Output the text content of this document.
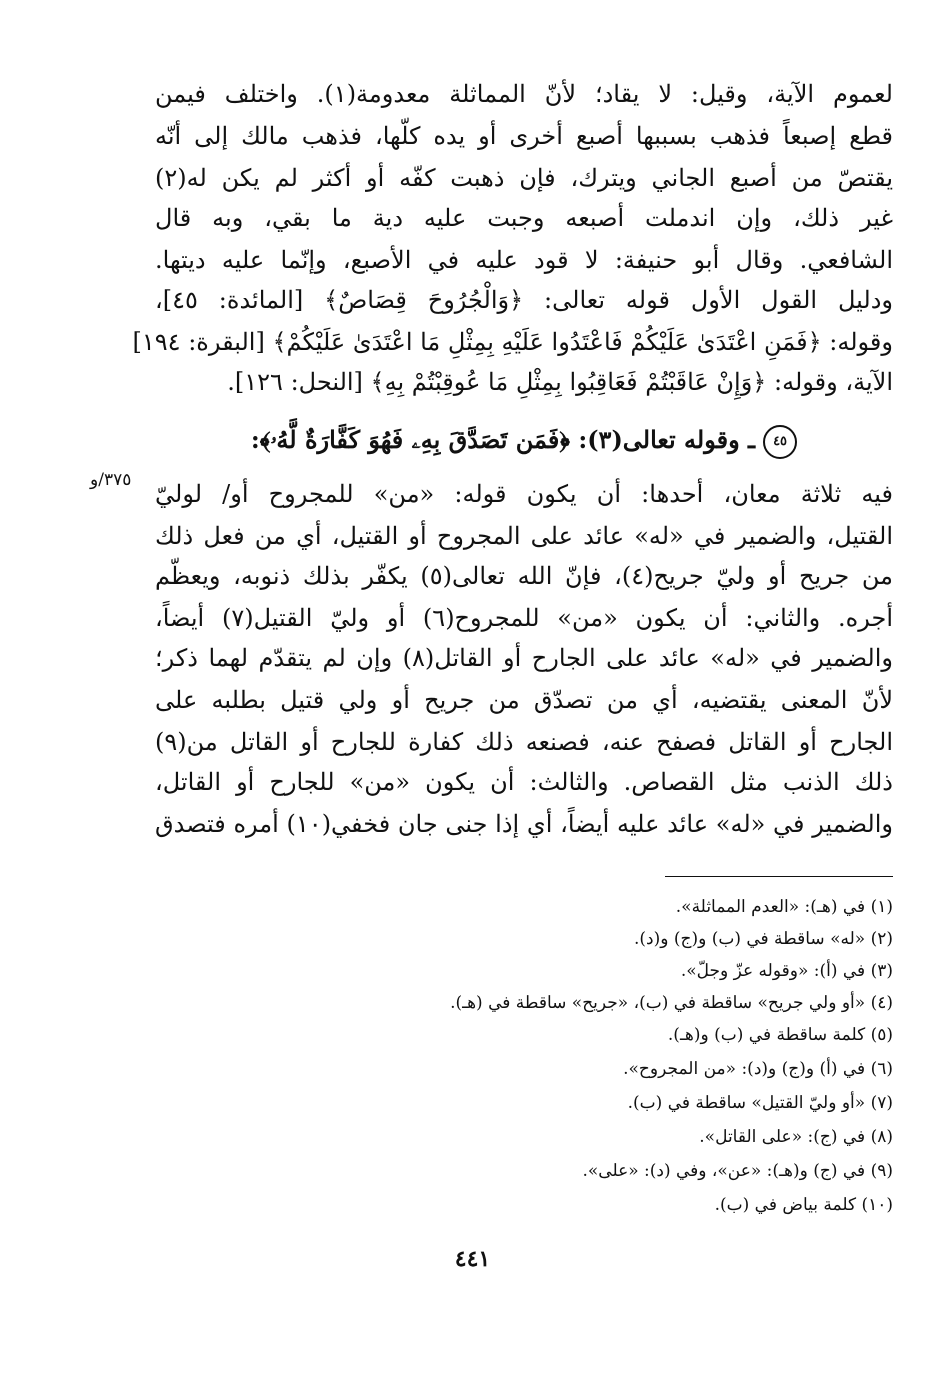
لعموم الآية، وقيل: لا يقاد؛ لأنّ المماثلة معدومة(١). واختلف فيمن
قطع إصبعاً فذهب بسببها أصبع أخرى أو يده كلّها، فذهب مالك إلى أنّه
يقتصّ من أصبع الجاني ويترك، فإن ذهبت كفّه أو أكثر لم يكن له(٢)
غير ذلك، وإن اندملت أصبعه وجبت عليه دية ما بقي، وبه قال
الشافعي. وقال أبو حنيفة: لا قود عليه في الأصبع، وإنّما عليه ديتها.
ودليل القول الأول قوله تعالى: ﴿وَالْجُرُوحَ قِصَاصٌ﴾ [المائدة: ٤٥]،
وقوله: ﴿فَمَنِ اعْتَدَىٰ عَلَيْكُمْ فَاعْتَدُوا عَلَيْهِ بِمِثْلِ مَا اعْتَدَىٰ عَلَيْكُمْ﴾ [البقرة: ١٩٤]
الآية، وقوله: ﴿وَإِنْ عَاقَبْتُمْ فَعَاقِبُوا بِمِثْلِ مَا عُوقِبْتُمْ بِهِ﴾ [النحل: ١٢٦].
٤٥ـ وقوله تعالى(٣): ﴿فَمَن تَصَدَّقَ بِهِۦ فَهُوَ كَفَّارَةٌ لَّهُۥ﴾:
٣٧٥/و فيه ثلاثة معان، أحدها: أن يكون قوله: «من» للمجروح أو/ لوليّ
القتيل، والضمير في «له» عائد على المجروح أو القتيل، أي من فعل ذلك
من جريح أو وليّ جريح(٤)، فإنّ الله تعالى(٥) يكفّر بذلك ذنوبه، ويعظّم
أجره. والثاني: أن يكون «من» للمجروح(٦) أو وليّ القتيل(٧) أيضاً،
والضمير في «له» عائد على الجارح أو القاتل(٨) وإن لم يتقدّم لهما ذكر؛
لأنّ المعنى يقتضيه، أي من تصدّق من جريح أو ولي قتيل بطلبه على
الجارح أو القاتل فصفح عنه، فصنعه ذلك كفارة للجارح أو القاتل من(٩)
ذلك الذنب مثل القصاص. والثالث: أن يكون «من» للجارح أو القاتل،
والضمير في «له» عائد عليه أيضاً، أي إذا جنى جان فخفي(١٠) أمره فتصدق
(١) في (هـ): «العدم المماثلة».
(٢) «له» ساقطة في (ب) و(ج) و(د).
(٣) في (أ): «وقوله عزّ وجلّ».
(٤) «أو ولي جريح» ساقطة في (ب)، «جريح» ساقطة في (هـ).
(٥) كلمة ساقطة في (ب) و(هـ).
(٦) في (أ) و(ج) و(د): «من المجروح».
(٧) «أو وليّ القتيل» ساقطة في (ب).
(٨) في (ج): «على القاتل».
(٩) في (ج) و(هـ): «عن»، وفي (د): «على».
(١٠) كلمة بياض في (ب).
٤٤١
